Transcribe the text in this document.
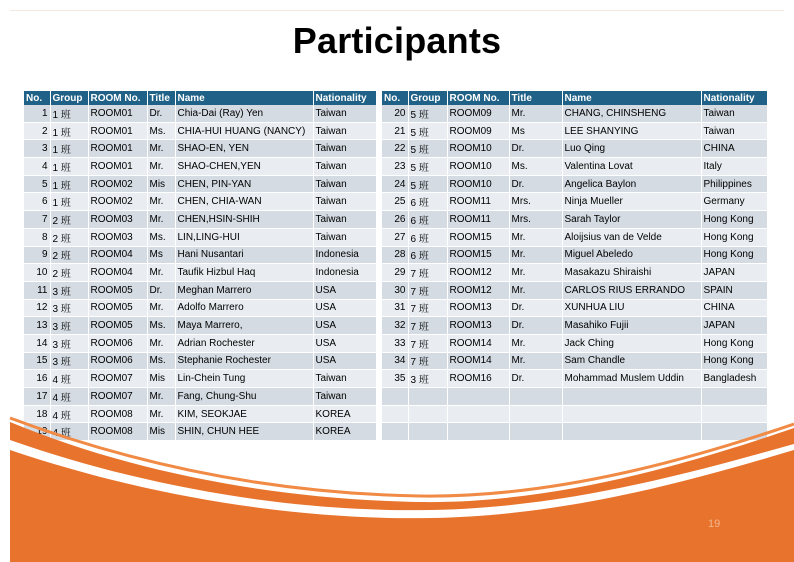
Participants
No.	Group	ROOM No.	Title	Name	Nationality
1	1 班	ROOM01	Dr.	Chia-Dai (Ray) Yen	Taiwan
2	1 班	ROOM01	Ms.	CHIA-HUI HUANG (NANCY)	Taiwan
3	1 班	ROOM01	Mr.	SHAO-EN, YEN	Taiwan
4	1 班	ROOM01	Mr.	SHAO-CHEN,YEN	Taiwan
5	1 班	ROOM02	Mis	CHEN, PIN-YAN	Taiwan
6	1 班	ROOM02	Mr.	CHEN, CHIA-WAN	Taiwan
7	2 班	ROOM03	Mr.	CHEN,HSIN-SHIH	Taiwan
8	2 班	ROOM03	Ms.	LIN,LING-HUI	Taiwan
9	2 班	ROOM04	Ms	Hani Nusantari	Indonesia
10	2 班	ROOM04	Mr.	Taufik Hizbul Haq	Indonesia
11	3 班	ROOM05	Dr.	Meghan Marrero	USA
12	3 班	ROOM05	Mr.	Adolfo Marrero	USA
13	3 班	ROOM05	Ms.	Maya Marrero,	USA
14	3 班	ROOM06	Mr.	Adrian Rochester	USA
15	3 班	ROOM06	Ms.	Stephanie Rochester	USA
16	4 班	ROOM07	Mis	Lin-Chein Tung	Taiwan
17	4 班	ROOM07	Mr.	Fang, Chung-Shu	Taiwan
18	4 班	ROOM08	Mr.	KIM, SEOKJAE	KOREA
19	4 班	ROOM08	Mis	SHIN, CHUN HEE	KOREA
No.	Group	ROOM No.	Title	Name	Nationality
20	5 班	ROOM09	Mr.	CHANG, CHINSHENG	Taiwan
21	5 班	ROOM09	Ms	LEE SHANYING	Taiwan
22	5 班	ROOM10	Dr.	Luo Qing	CHINA
23	5 班	ROOM10	Ms.	Valentina Lovat	Italy
24	5 班	ROOM10	Dr.	Angelica Baylon	Philippines
25	6 班	ROOM11	Mrs.	Ninja Mueller	Germany
26	6 班	ROOM11	Mrs.	Sarah Taylor	Hong Kong
27	6 班	ROOM15	Mr.	Aloijsius van de Velde	Hong Kong
28	6 班	ROOM15	Mr.	Miguel Abeledo	Hong Kong
29	7 班	ROOM12	Mr.	Masakazu Shiraishi	JAPAN
30	7 班	ROOM12	Mr.	CARLOS RIUS ERRANDO	SPAIN
31	7 班	ROOM13	Dr.	XUNHUA LIU	CHINA
32	7 班	ROOM13	Dr.	Masahiko Fujii	JAPAN
33	7 班	ROOM14	Mr.	Jack Ching	Hong Kong
34	7 班	ROOM14	Mr.	Sam Chandle	Hong Kong
35	3 班	ROOM16	Dr.	Mohammad Muslem Uddin	Bangladesh

19
